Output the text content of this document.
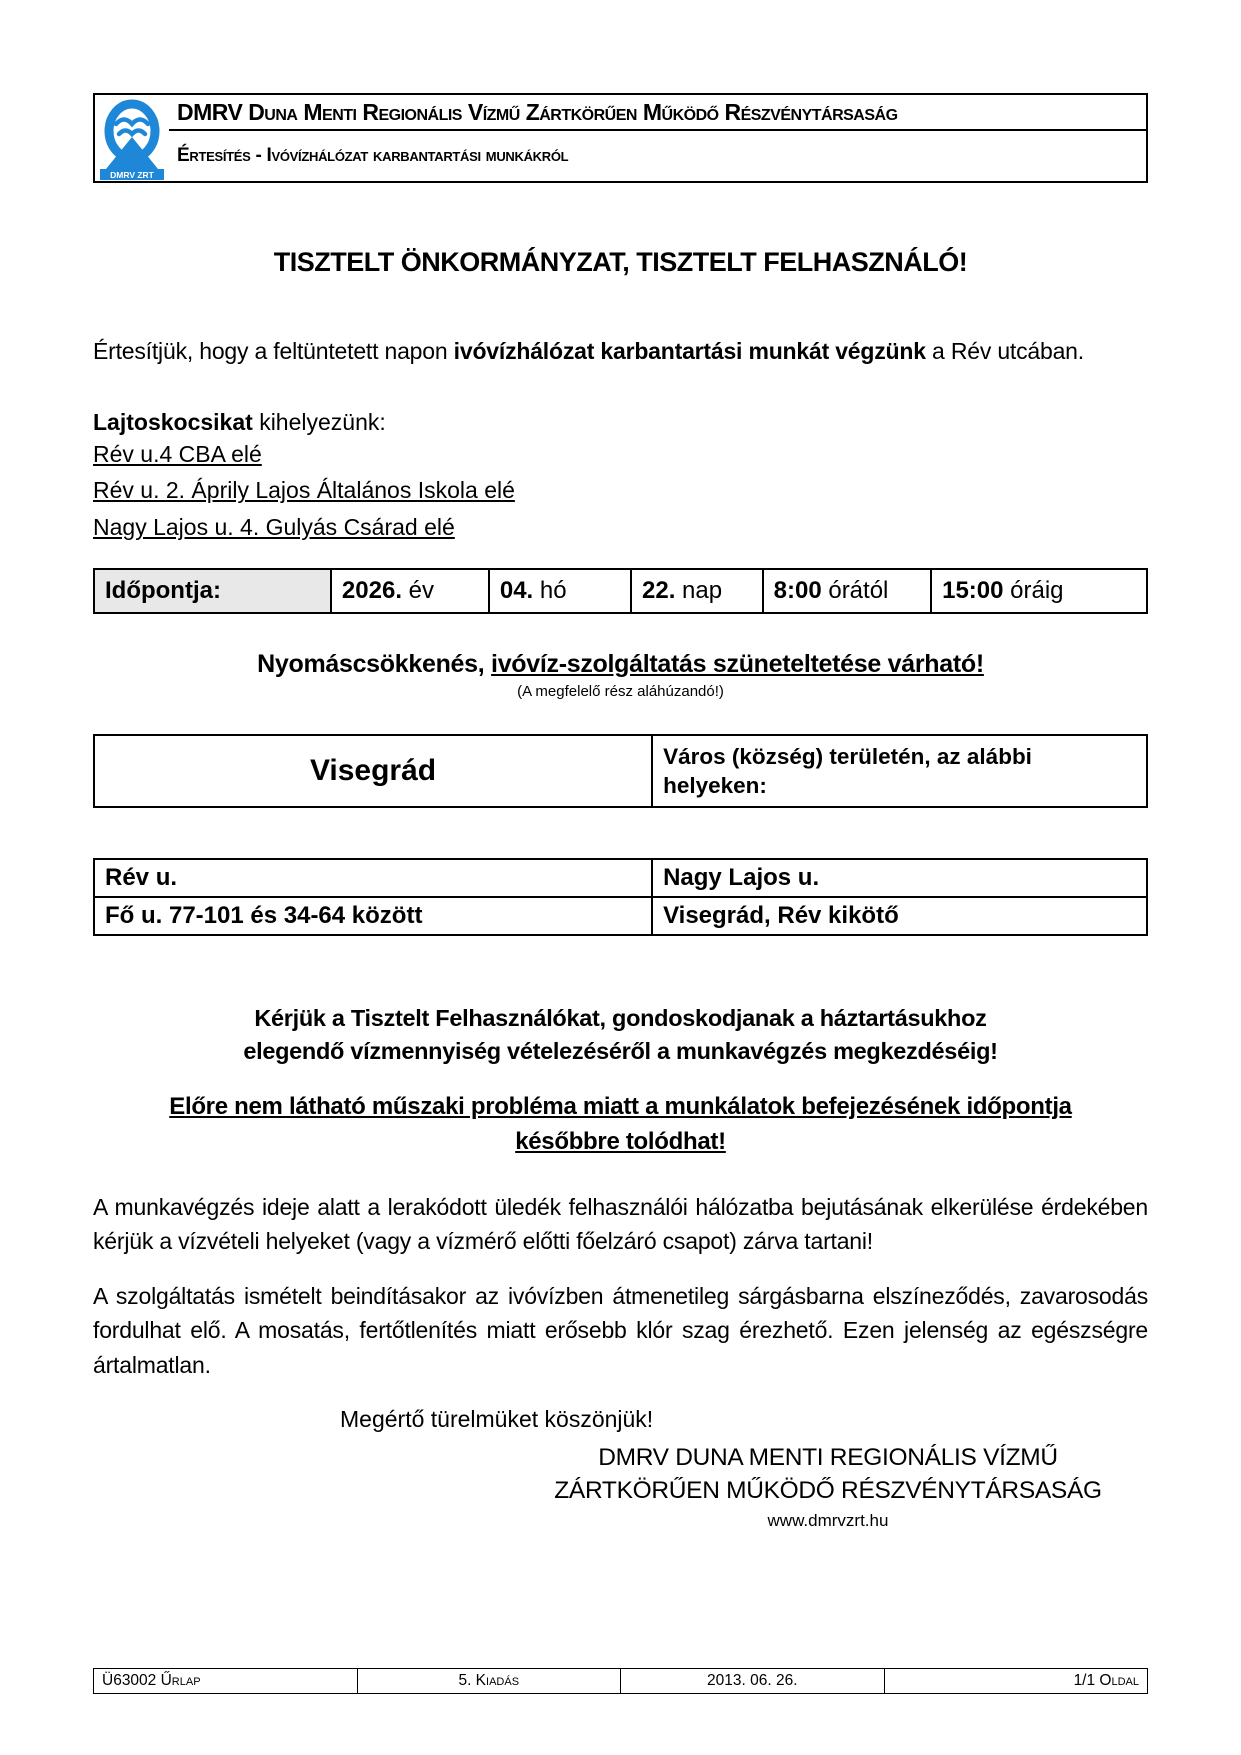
DMRV ZRT
DMRV Duna Menti Regionális Vízmű Zártkörűen Működő Részvénytársaság
Értesítés - Ivóvízhálózat karbantartási munkákról
TISZTELT ÖNKORMÁNYZAT, TISZTELT FELHASZNÁLÓ!
Értesítjük, hogy a feltüntetett napon ivóvízhálózat karbantartási munkát végzünk a Rév utcában.
Lajtoskocsikat kihelyezünk:
Rév u.4 CBA elé
Rév u. 2. Áprily Lajos Általános Iskola elé
Nagy Lajos u. 4. Gulyás Csárad elé
Időpontja:	2026. év	04. hó	22. nap	8:00 órától	15:00 óráig
Nyomáscsökkenés, ivóvíz-szolgáltatás szüneteltetése várható!
(A megfelelő rész aláhúzandó!)
Visegrád	Város (község) területén, az alábbi helyeken:
Rév u.	Nagy Lajos u.
Fő u. 77-101 és 34-64 között	Visegrád, Rév kikötő
Kérjük a Tisztelt Felhasználókat, gondoskodjanak a háztartásukhoz
elegendő vízmennyiség vételezéséről a munkavégzés megkezdéséig!
Előre nem látható műszaki probléma miatt a munkálatok befejezésének időpontja
későbbre tolódhat!
A munkavégzés ideje alatt a lerakódott üledék felhasználói hálózatba bejutásának elkerülése érdekében kérjük a vízvételi helyeket (vagy a vízmérő előtti főelzáró csapot) zárva tartani!
A szolgáltatás ismételt beindításakor az ivóvízben átmenetileg sárgásbarna elszíneződés, zavarosodás fordulhat elő. A mosatás, fertőtlenítés miatt erősebb klór szag érezhető. Ezen jelenség az egészségre ártalmatlan.
Megértő türelmüket köszönjük!
DMRV DUNA MENTI REGIONÁLIS VÍZMŰ
ZÁRTKÖRŰEN MŰKÖDŐ RÉSZVÉNYTÁRSASÁG
www.dmrvzrt.hu
Ü63002 Űrlap	5. Kiadás	2013. 06. 26.	1/1 Oldal
